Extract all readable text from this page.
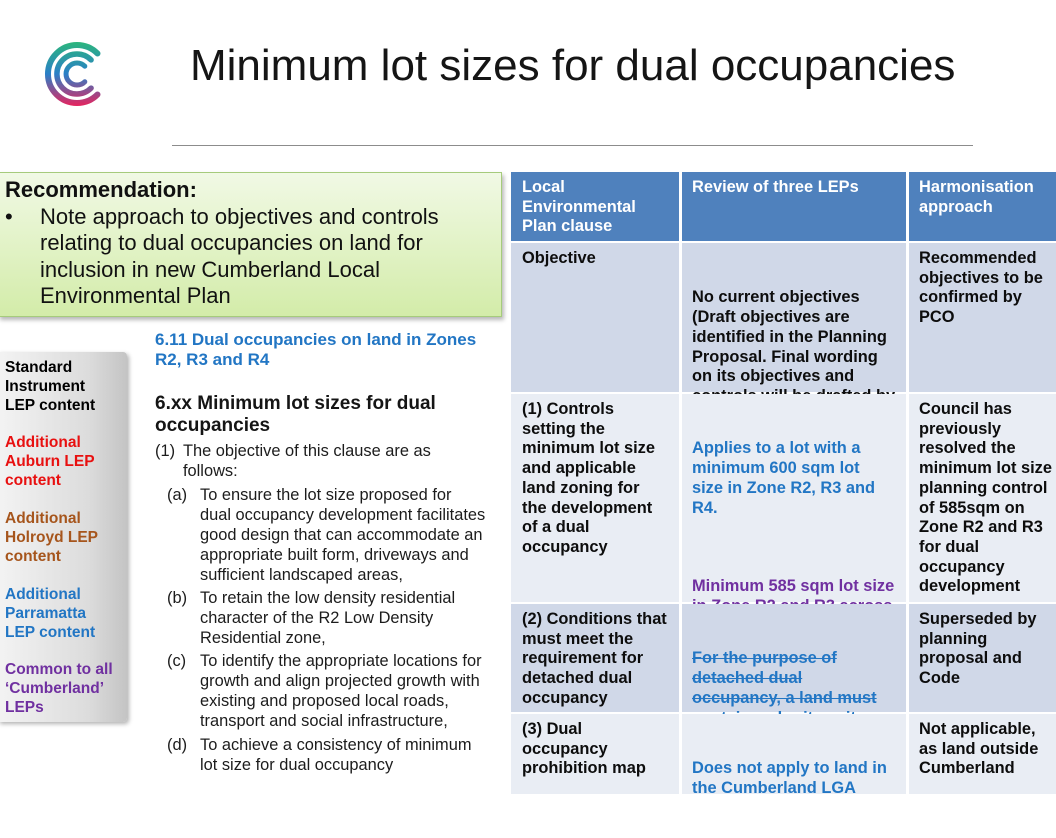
Minimum lot sizes for dual occupancies
Recommendation:
• Note approach to objectives and controls
relating to dual occupancies on land for
inclusion in new Cumberland Local
Environmental Plan
Standard
Instrument
LEP content
Additional
Auburn LEP
content
Additional
Holroyd LEP
content
Additional
Parramatta
LEP content
Common to all
‘Cumberland’
LEPs
6.11 Dual occupancies on land in Zones
R2, R3 and R4
6.xx Minimum lot sizes for dual
occupancies
(1) The objective of this clause are as
follows:
(a) To ensure the lot size proposed for
dual occupancy development facilitates
good design that can accommodate an
appropriate built form, driveways and
sufficient landscaped areas,
(b) To retain the low density residential
character of the R2 Low Density
Residential zone,
(c) To identify the appropriate locations for
growth and align projected growth with
existing and proposed local roads,
transport and social infrastructure,
(d) To achieve a consistency of minimum
lot size for dual occupancy
Local
Environmental
Plan clause
Review of three LEPs	Harmonisation
approach
Objective

No current objectives
(Draft objectives are
identified in the Planning
Proposal. Final wording
on its objectives and

Recommended
objectives to be
confirmed by
PCO
(1) Controls
setting the
minimum lot size
and applicable
land zoning for
the development
of a dual
occupancy

Applies to a lot with a
minimum 600 sqm lot
size in Zone R2, R3 and
R4.

Minimum 585 sqm lot size

Council has
previously
resolved the
minimum lot size
planning control
of 585sqm on
Zone R2 and R3
for dual
occupancy
development
(2) Conditions that
must meet the
requirement for
detached dual
occupancy

For the purpose of
detached dual
occupancy, a land must

Superseded by
planning
proposal and
Code
(3) Dual
occupancy
prohibition map

	Does not apply to land in
the Cumberland LGA

Not applicable,
as land outside
Cumberland
